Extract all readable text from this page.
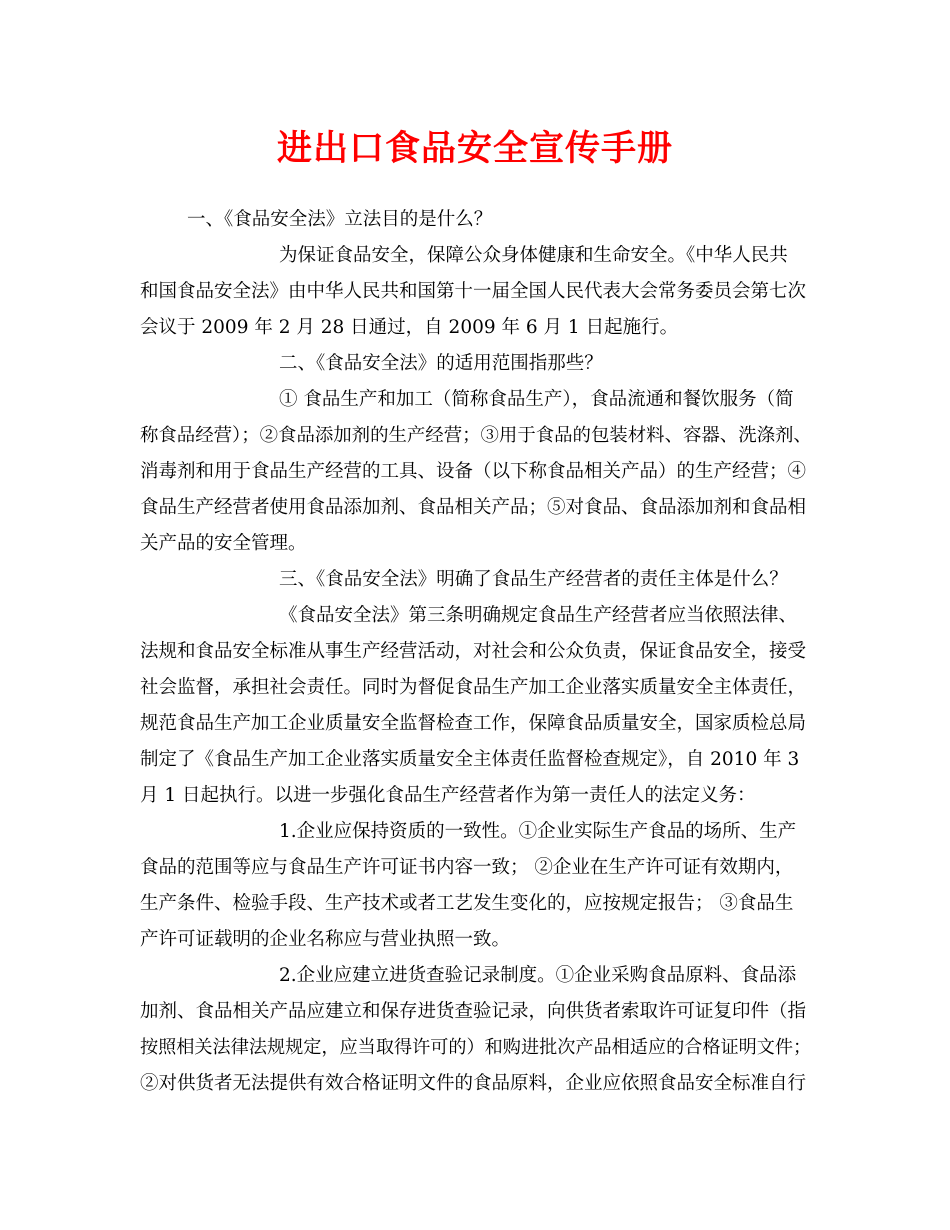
进出口食品安全宣传手册
一、《食品安全法》立法目的是什么？
为保证食品安全，保障公众身体健康和生命安全。《中华人民共
和国食品安全法》由中华人民共和国第十一届全国人民代表大会常务委员会第七次
会议于 2009 年 2 月 28 日通过，自 2009 年 6 月 1 日起施行。
二、《食品安全法》的适用范围指那些？
① 食品生产和加工（简称食品生产），食品流通和餐饮服务（简
称食品经营）；②食品添加剂的生产经营；③用于食品的包装材料、容器、洗涤剂、
消毒剂和用于食品生产经营的工具、设备（以下称食品相关产品）的生产经营；④
食品生产经营者使用食品添加剂、食品相关产品；⑤对食品、食品添加剂和食品相
关产品的安全管理。
三、《食品安全法》明确了食品生产经营者的责任主体是什么？
《食品安全法》第三条明确规定食品生产经营者应当依照法律、
法规和食品安全标准从事生产经营活动，对社会和公众负责，保证食品安全，接受
社会监督，承担社会责任。同时为督促食品生产加工企业落实质量安全主体责任，
规范食品生产加工企业质量安全监督检查工作，保障食品质量安全，国家质检总局
制定了《食品生产加工企业落实质量安全主体责任监督检查规定》，自 2010 年 3
月 1 日起执行。以进一步强化食品生产经营者作为第一责任人的法定义务：
1.企业应保持资质的一致性。①企业实际生产食品的场所、生产
食品的范围等应与食品生产许可证书内容一致； ②企业在生产许可证有效期内，
生产条件、检验手段、生产技术或者工艺发生变化的，应按规定报告； ③食品生
产许可证载明的企业名称应与营业执照一致。
2.企业应建立进货查验记录制度。①企业采购食品原料、食品添
加剂、食品相关产品应建立和保存进货查验记录，向供货者索取许可证复印件（指
按照相关法律法规规定，应当取得许可的）和购进批次产品相适应的合格证明文件；
②对供货者无法提供有效合格证明文件的食品原料，企业应依照食品安全标准自行
